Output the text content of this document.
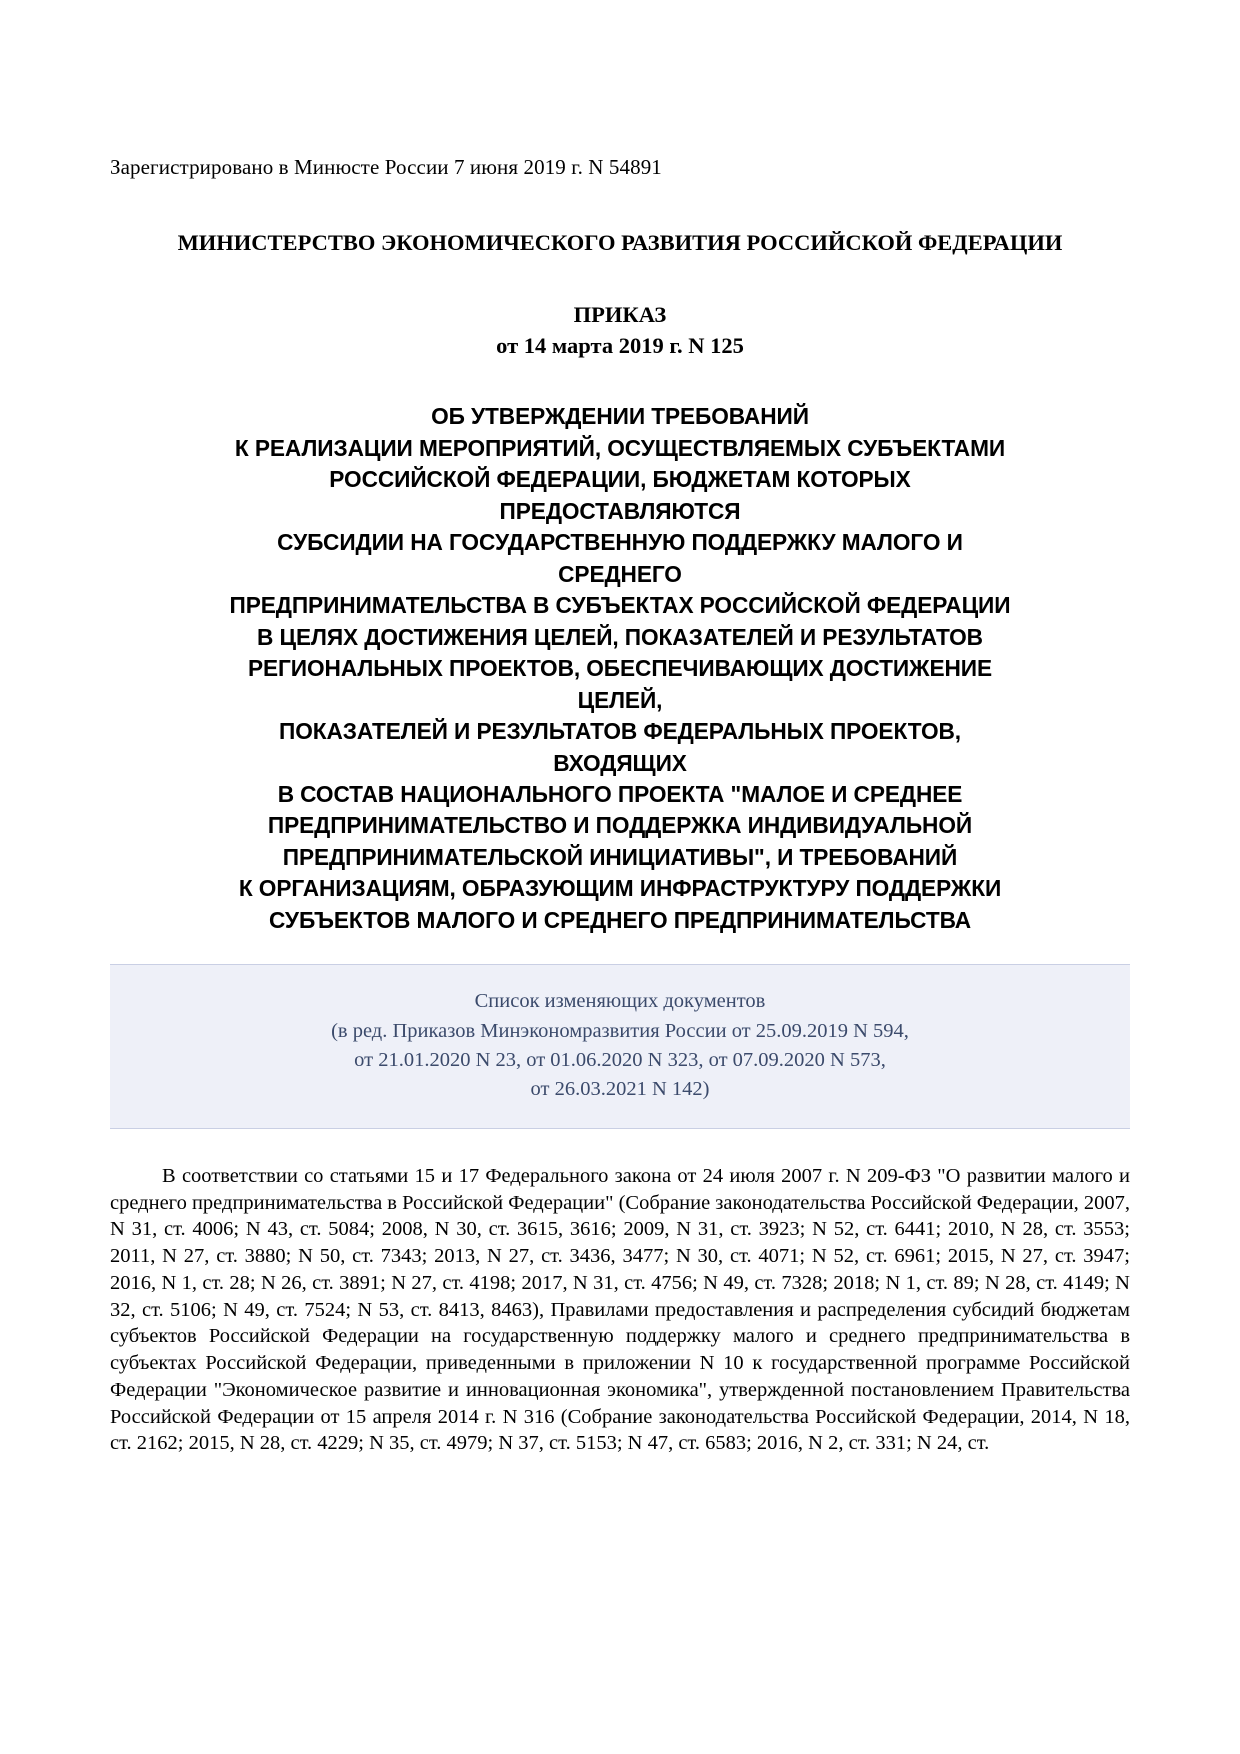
Зарегистрировано в Минюсте России 7 июня 2019 г. N 54891
МИНИСТЕРСТВО ЭКОНОМИЧЕСКОГО РАЗВИТИЯ РОССИЙСКОЙ ФЕДЕРАЦИИ
ПРИКАЗ
от 14 марта 2019 г. N 125
ОБ УТВЕРЖДЕНИИ ТРЕБОВАНИЙ
К РЕАЛИЗАЦИИ МЕРОПРИЯТИЙ, ОСУЩЕСТВЛЯЕМЫХ СУБЪЕКТАМИ
РОССИЙСКОЙ ФЕДЕРАЦИИ, БЮДЖЕТАМ КОТОРЫХ
ПРЕДОСТАВЛЯЮТСЯ
СУБСИДИИ НА ГОСУДАРСТВЕННУЮ ПОДДЕРЖКУ МАЛОГО И
СРЕДНЕГО
ПРЕДПРИНИМАТЕЛЬСТВА В СУБЪЕКТАХ РОССИЙСКОЙ ФЕДЕРАЦИИ
В ЦЕЛЯХ ДОСТИЖЕНИЯ ЦЕЛЕЙ, ПОКАЗАТЕЛЕЙ И РЕЗУЛЬТАТОВ
РЕГИОНАЛЬНЫХ ПРОЕКТОВ, ОБЕСПЕЧИВАЮЩИХ ДОСТИЖЕНИЕ
ЦЕЛЕЙ,
ПОКАЗАТЕЛЕЙ И РЕЗУЛЬТАТОВ ФЕДЕРАЛЬНЫХ ПРОЕКТОВ,
ВХОДЯЩИХ
В СОСТАВ НАЦИОНАЛЬНОГО ПРОЕКТА "МАЛОЕ И СРЕДНЕЕ
ПРЕДПРИНИМАТЕЛЬСТВО И ПОДДЕРЖКА ИНДИВИДУАЛЬНОЙ
ПРЕДПРИНИМАТЕЛЬСКОЙ ИНИЦИАТИВЫ", И ТРЕБОВАНИЙ
К ОРГАНИЗАЦИЯМ, ОБРАЗУЮЩИМ ИНФРАСТРУКТУРУ ПОДДЕРЖКИ
СУБЪЕКТОВ МАЛОГО И СРЕДНЕГО ПРЕДПРИНИМАТЕЛЬСТВА
Список изменяющих документов
(в ред. Приказов Минэкономразвития России от 25.09.2019 N 594,
от 21.01.2020 N 23, от 01.06.2020 N 323, от 07.09.2020 N 573,
от 26.03.2021 N 142)
В соответствии со статьями 15 и 17 Федерального закона от 24 июля 2007 г. N 209-ФЗ "О развитии малого и среднего предпринимательства в Российской Федерации" (Собрание законодательства Российской Федерации, 2007, N 31, ст. 4006; N 43, ст. 5084; 2008, N 30, ст. 3615, 3616; 2009, N 31, ст. 3923; N 52, ст. 6441; 2010, N 28, ст. 3553; 2011, N 27, ст. 3880; N 50, ст. 7343; 2013, N 27, ст. 3436, 3477; N 30, ст. 4071; N 52, ст. 6961; 2015, N 27, ст. 3947; 2016, N 1, ст. 28; N 26, ст. 3891; N 27, ст. 4198; 2017, N 31, ст. 4756; N 49, ст. 7328; 2018; N 1, ст. 89; N 28, ст. 4149; N 32, ст. 5106; N 49, ст. 7524; N 53, ст. 8413, 8463), Правилами предоставления и распределения субсидий бюджетам субъектов Российской Федерации на государственную поддержку малого и среднего предпринимательства в субъектах Российской Федерации, приведенными в приложении N 10 к государственной программе Российской Федерации "Экономическое развитие и инновационная экономика", утвержденной постановлением Правительства Российской Федерации от 15 апреля 2014 г. N 316 (Собрание законодательства Российской Федерации, 2014, N 18, ст. 2162; 2015, N 28, ст. 4229; N 35, ст. 4979; N 37, ст. 5153; N 47, ст. 6583; 2016, N 2, ст. 331; N 24, ст.
